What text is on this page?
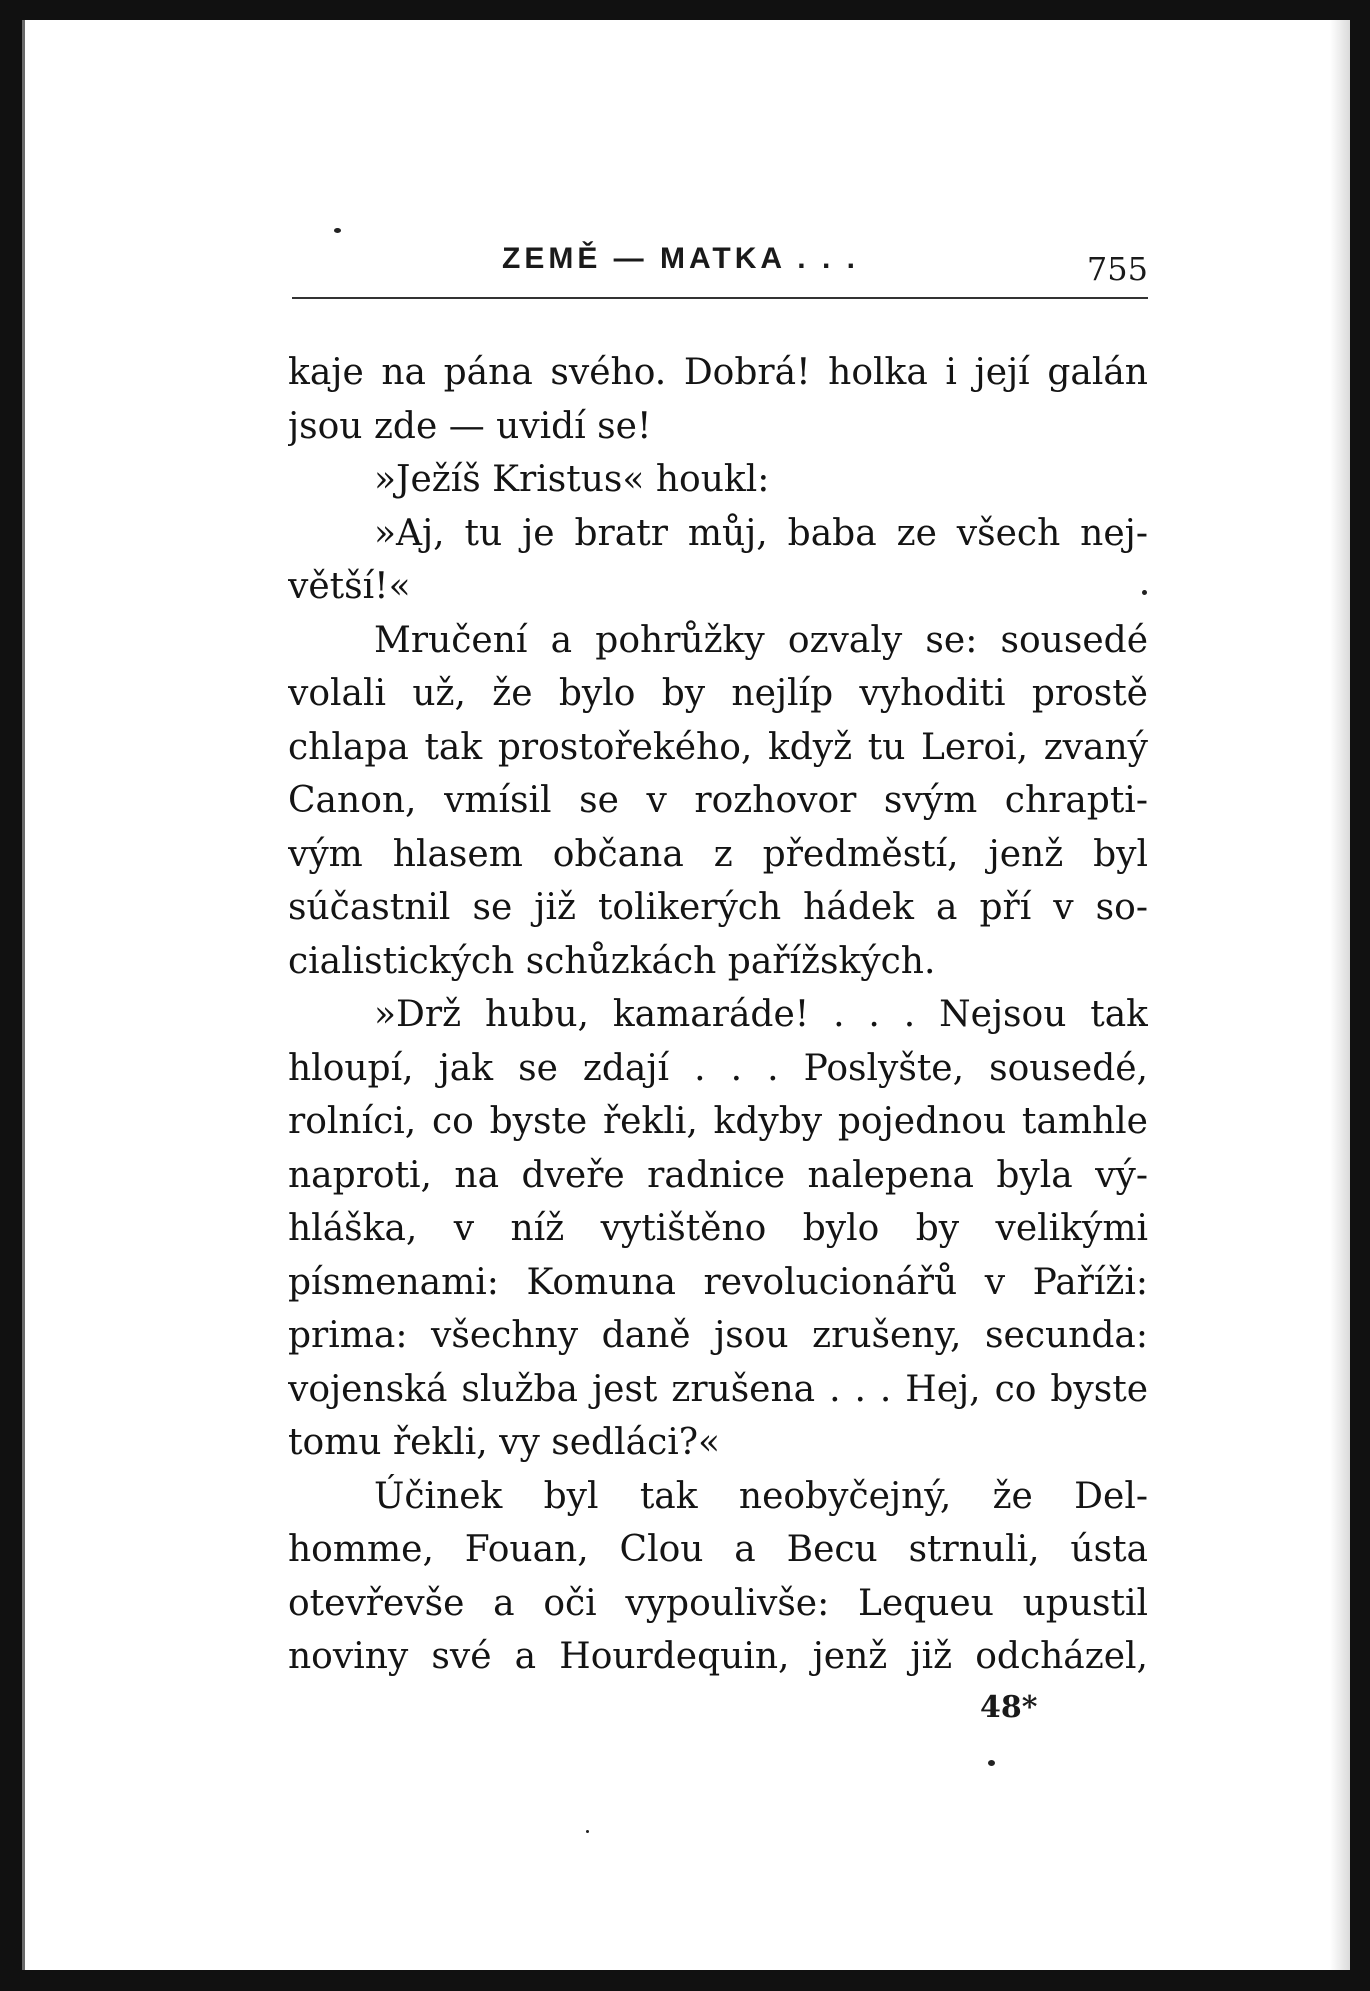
ZEMĚ — MATKA . . .	755
kaje na pána svého. Dobrá! holka i její galán
jsou zde — uvidí se!
»Ježíš Kristus« houkl:
»Aj, tu je bratr můj, baba ze všech nej-
větší!«
Mručení a pohrůžky ozvaly se: sousedé
volali už, že bylo by nejlíp vyhoditi prostě
chlapa tak prostořekého, když tu Leroi, zvaný
Canon, vmísil se v rozhovor svým chrapti-
vým hlasem občana z předměstí, jenž byl
súčastnil se již tolikerých hádek a pří v so-
cialistických schůzkách pařížských.
»Drž hubu, kamaráde! . . . Nejsou tak
hloupí, jak se zdají . . . Poslyšte, sousedé,
rolníci, co byste řekli, kdyby pojednou tamhle
naproti, na dveře radnice nalepena byla vý-
hláška, v níž vytištěno bylo by velikými
písmenami: Komuna revolucionářů v Paříži:
prima: všechny daně jsou zrušeny, secunda:
vojenská služba jest zrušena . . . Hej, co byste
tomu řekli, vy sedláci?«
Účinek byl tak neobyčejný, že Del-
homme, Fouan, Clou a Becu strnuli, ústa
otevřevše a oči vypoulivše: Lequeu upustil
noviny své a Hourdequin, jenž již odcházel,
48*
